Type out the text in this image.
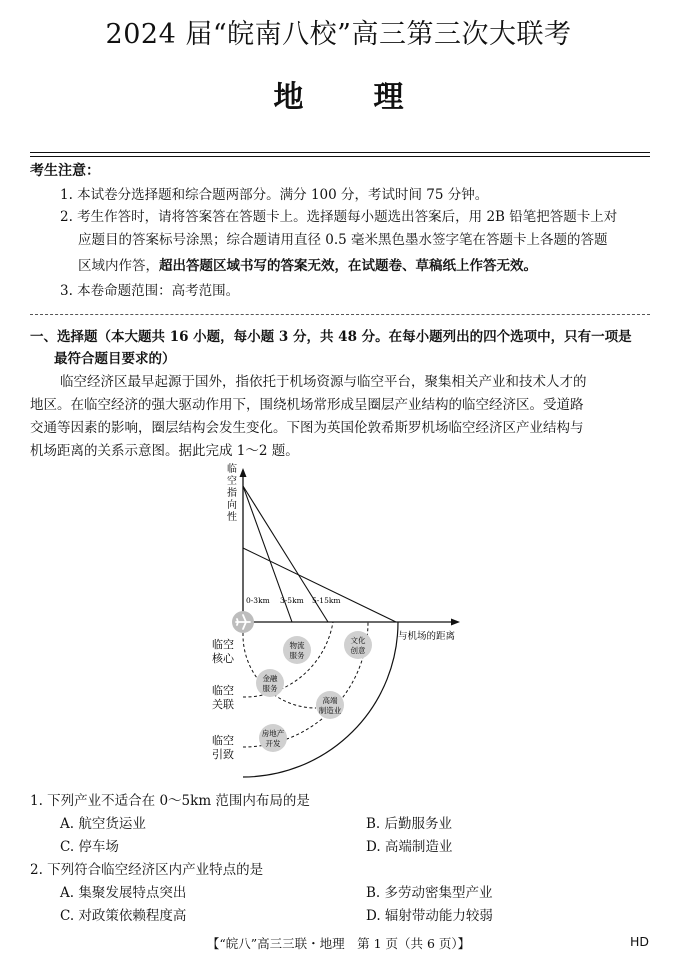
2024 届“皖南八校”高三第三次大联考
地理
考生注意：
1. 本试卷分选择题和综合题两部分。满分 100 分，考试时间 75 分钟。
2. 考生作答时，请将答案答在答题卡上。选择题每小题选出答案后，用 2B 铅笔把答题卡上对
应题目的答案标号涂黑；综合题请用直径 0.5 毫米黑色墨水签字笔在答题卡上各题的答题
区域内作答，超出答题区域书写的答案无效，在试题卷、草稿纸上作答无效。
3. 本卷命题范围：高考范围。
一、选择题（本大题共 16 小题，每小题 3 分，共 48 分。在每小题列出的四个选项中，只有一项是
最符合题目要求的）
临空经济区最早起源于国外，指依托于机场资源与临空平台，聚集相关产业和技术人才的
地区。在临空经济的强大驱动作用下，围绕机场常形成呈圈层产业结构的临空经济区。受道路
交通等因素的影响，圈层结构会发生变化。下图为英国伦敦希斯罗机场临空经济区产业结构与
机场距离的关系示意图。据此完成 1～2 题。
临
空
指
向
性
与机场的距离
0-3km 3-5km 5-15km
临空
核心
临空
关联
临空
引致
物流
服务
文化
创意
金融
服务
高端
制造业
房地产
开发
1. 下列产业不适合在 0～5km 范围内布局的是
A. 航空货运业	B. 后勤服务业
C. 停车场	D. 高端制造业
2. 下列符合临空经济区内产业特点的是
A. 集聚发展特点突出	B. 多劳动密集型产业
C. 对政策依赖程度高	D. 辐射带动能力较弱
【“皖八”高三三联・地理　第 1 页（共 6 页）】	HD
